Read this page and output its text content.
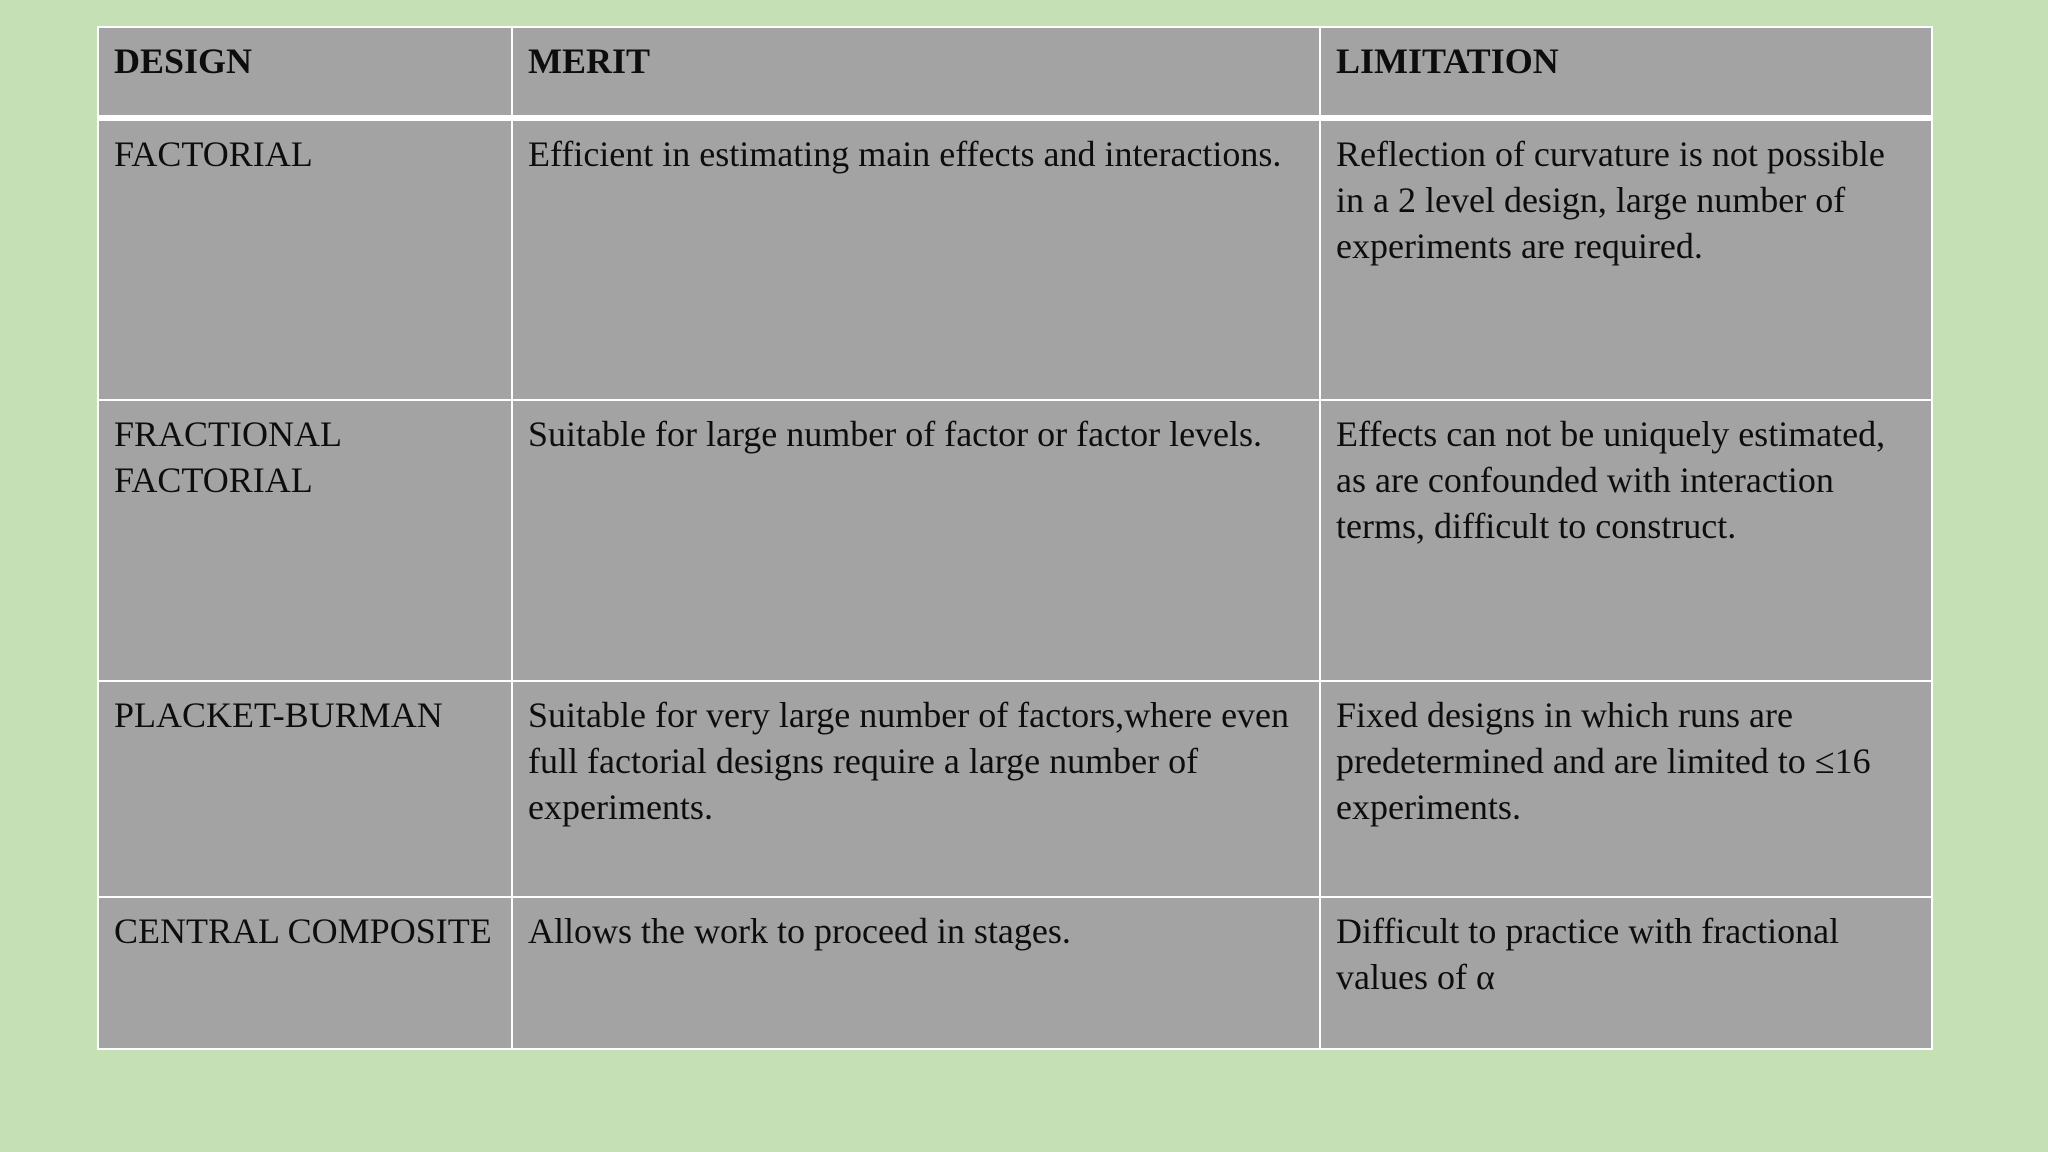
DESIGN	MERIT	LIMITATION
FACTORIAL	Efficient in estimating main effects and interactions.	Reflection of curvature is not possible in a 2 level design, large number of experiments are required.
FRACTIONAL FACTORIAL	Suitable for large number of factor or factor levels.	Effects can not be uniquely estimated, as are confounded with interaction terms, difficult to construct.
PLACKET-BURMAN	Suitable for very large number of factors,where even full factorial designs require a large number of experiments.	Fixed designs in which runs are predetermined and are limited to ≤16 experiments.
CENTRAL COMPOSITE	Allows the work to proceed in stages.	Difficult to practice with fractional values of α
